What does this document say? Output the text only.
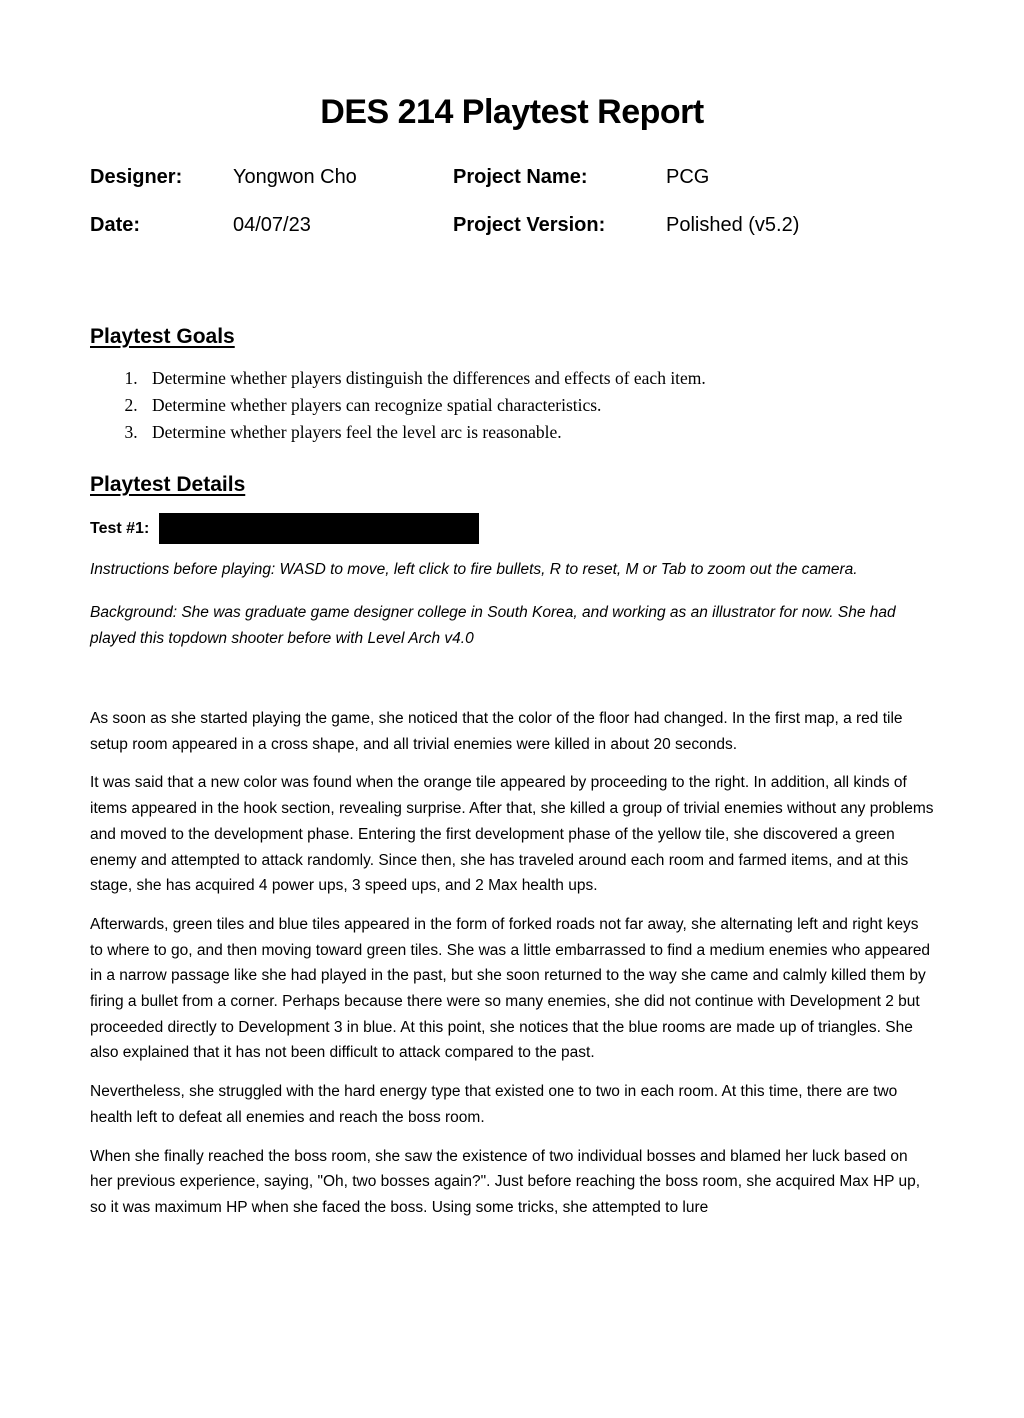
DES 214 Playtest Report
Designer:	Yongwon Cho	Project Name:	PCG
Date:	04/07/23	Project Version:	Polished (v5.2)
Playtest Goals
1. Determine whether players distinguish the differences and effects of each item.
2. Determine whether players can recognize spatial characteristics.
3. Determine whether players feel the level arc is reasonable.
Playtest Details
Test #1:

Instructions before playing: WASD to move, left click to fire bullets, R to reset, M or Tab to zoom out the camera.

Background: She was graduate game designer college in South Korea, and working as an illustrator for now. She had played this topdown shooter before with Level Arch v4.0

As soon as she started playing the game, she noticed that the color of the floor had changed. In the first map, a red tile setup room appeared in a cross shape, and all trivial enemies were killed in about 20 seconds.

It was said that a new color was found when the orange tile appeared by proceeding to the right. In addition, all kinds of items appeared in the hook section, revealing surprise. After that, she killed a group of trivial enemies without any problems and moved to the development phase. Entering the first development phase of the yellow tile, she discovered a green enemy and attempted to attack randomly. Since then, she has traveled around each room and farmed items, and at this stage, she has acquired 4 power ups, 3 speed ups, and 2 Max health ups.

Afterwards, green tiles and blue tiles appeared in the form of forked roads not far away, she alternating left and right keys to where to go, and then moving toward green tiles. She was a little embarrassed to find a medium enemies who appeared in a narrow passage like she had played in the past, but she soon returned to the way she came and calmly killed them by firing a bullet from a corner. Perhaps because there were so many enemies, she did not continue with Development 2 but proceeded directly to Development 3 in blue. At this point, she notices that the blue rooms are made up of triangles. She also explained that it has not been difficult to attack compared to the past.

Nevertheless, she struggled with the hard energy type that existed one to two in each room. At this time, there are two health left to defeat all enemies and reach the boss room.

When she finally reached the boss room, she saw the existence of two individual bosses and blamed her luck based on her previous experience, saying, "Oh, two bosses again?". Just before reaching the boss room, she acquired Max HP up, so it was maximum HP when she faced the boss. Using some tricks, she attempted to lure
